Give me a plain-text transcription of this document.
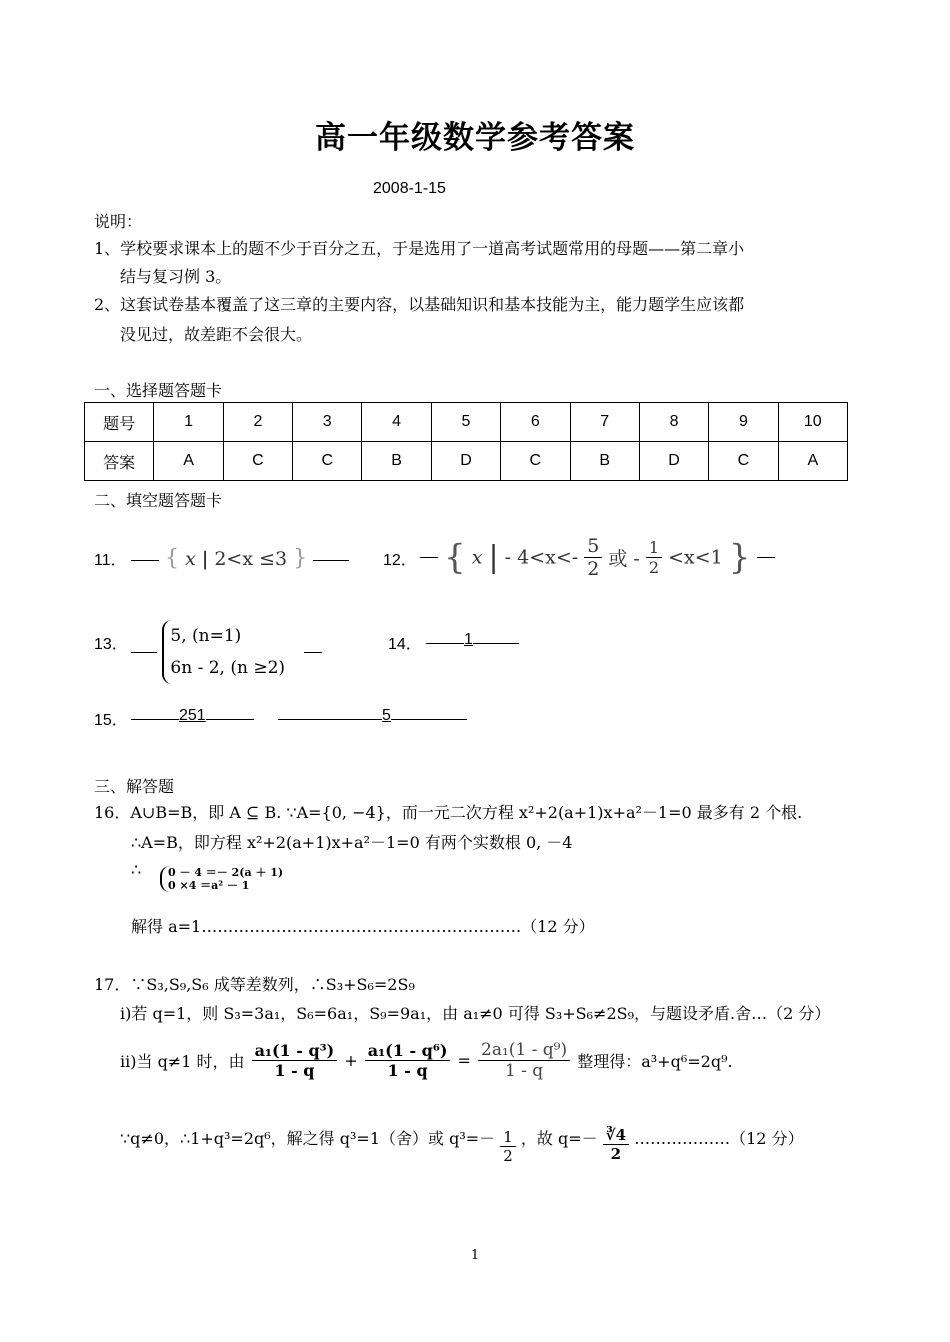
高一年级数学参考答案
2008-1-15
说明：
1、学校要求课本上的题不少于百分之五，于是选用了一道高考试题常用的母题——第二章小
结与复习例 3。
2、这套试卷基本覆盖了这三章的主要内容，以基础知识和基本技能为主，能力题学生应该都
没见过，故差距不会很大。
一、选择题答题卡
题号	1	2	3	4	5	6	7	8	9	10
答案	A	C	C	B	D	C	B	D	C	A
二、填空题答题卡
11．	{ x | 2<x ≤3 }	12． { x | - $4<x<- \frac{5}{2}$ 或 - $\frac{1}{2} <x<1$ }
13．
	5, (n=1)
6n - 2, (n ≥2)

14．	1
15．	251	5
三、解答题
16．A∪B=B，即 A ⊆ B. ∵A={0, −4}，而一元二次方程 x²+2(a+1)x+a²－1=0 最多有 2 个根.
∴A=B，即方程 x²+2(a+1)x+a²－1=0 有两个实数根 0, －4
∴ 0 － 4 ＝－ 2(a ＋ 1)
0 ×4 ＝a² － 1
解得 a=1……………………………………………………（12 分）
17．∵S₃,S₉,S₆ 成等差数列，∴S₃+S₆=2S₉
i)若 q=1，则 S₃=3a₁，S₆=6a₁，S₉=9a₁，由 a₁≠0 可得 S₃+S₆≠2S₉，与题设矛盾.舍…（2 分）
ii)当 q≠1 时，由 $\frac{\text{a₁(1 - q³)}}{1 - q} + \frac{\text{a₁(1 - q⁶)}}{1 - q} = \frac{\text{2a₁(1 - q⁹)}}{1 - q}$ 整理得：a³+q⁶=2q⁹.
∵q≠0，∴1+q³=2q⁶，解之得 q³=1（舍）或 $q^3=- \frac{1}{2}$ ，故 $q=- \frac{∛4}{2}$ ………………（12 分）
1
